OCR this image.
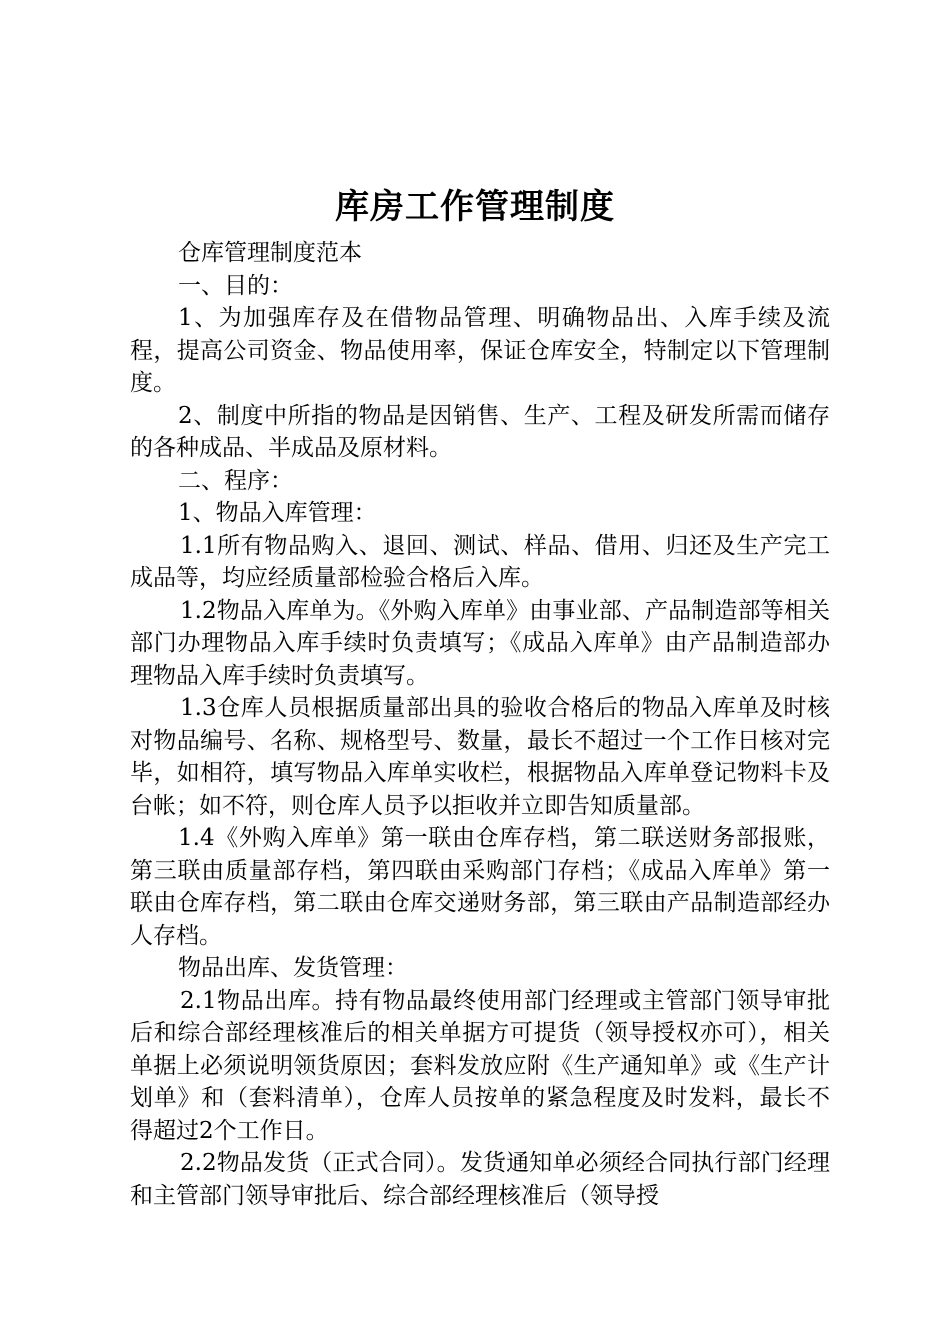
库房工作管理制度

仓库管理制度范本

一、目的：

1、为加强库存及在借物品管理、明确物品出、入库手续及流程，提高公司资金、物品使用率，保证仓库安全，特制定以下管理制度。

2、制度中所指的物品是因销售、生产、工程及研发所需而储存的各种成品、半成品及原材料。

二、程序：

1、物品入库管理：

1.1所有物品购入、退回、测试、样品、借用、归还及生产完工成品等，均应经质量部检验合格后入库。

1.2物品入库单为。《外购入库单》由事业部、产品制造部等相关部门办理物品入库手续时负责填写；《成品入库单》由产品制造部办理物品入库手续时负责填写。

1.3仓库人员根据质量部出具的验收合格后的物品入库单及时核对物品编号、名称、规格型号、数量，最长不超过一个工作日核对完毕，如相符，填写物品入库单实收栏，根据物品入库单登记物料卡及台帐；如不符，则仓库人员予以拒收并立即告知质量部。

1.4《外购入库单》第一联由仓库存档，第二联送财务部报账，第三联由质量部存档，第四联由采购部门存档；《成品入库单》第一联由仓库存档，第二联由仓库交递财务部，第三联由产品制造部经办人存档。

物品出库、发货管理：

2.1物品出库。持有物品最终使用部门经理或主管部门领导审批后和综合部经理核准后的相关单据方可提货（领导授权亦可），相关单据上必须说明领货原因；套料发放应附《生产通知单》或《生产计划单》和（套料清单），仓库人员按单的紧急程度及时发料，最长不得超过2个工作日。

2.2物品发货（正式合同）。发货通知单必须经合同执行部门经理和主管部门领导审批后、综合部经理核准后（领导授
